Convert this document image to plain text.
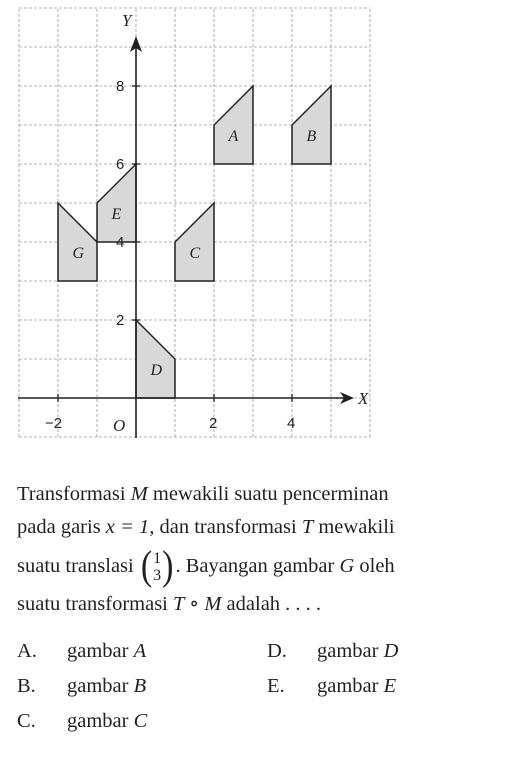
A	B
C
D
E
G
X
Y
O
−2	2	4
2
4
6
8

Transformasi M mewakili suatu pencerminan

pada garis x = 1, dan transformasi T mewakili

suatu translasi ( 1
3 ) . Bayangan gambar G oleh

suatu transformasi T ∘ M adalah . . . .

A. gambar A
B. gambar B
C. gambar C
D. gambar D
E. gambar E
